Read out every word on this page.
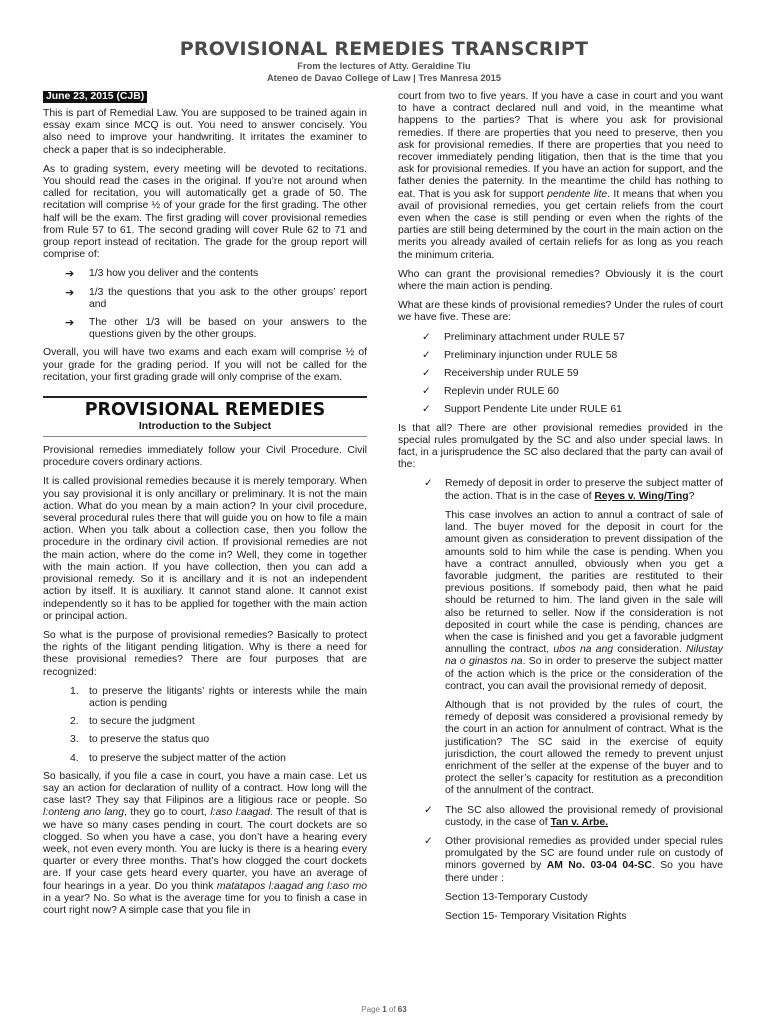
PROVISIONAL REMEDIES TRANSCRIPT
From the lectures of Atty. Geraldine Tiu
Ateneo de Davao College of Law | Tres Manresa 2015
June 23, 2015 (CJB)

This is part of Remedial Law. You are supposed to be trained again in essay exam since MCQ is out. You need to answer concisely. You also need to improve your handwriting. It irritates the examiner to check a paper that is so indecipherable.

As to grading system, every meeting will be devoted to recitations. You should read the cases in the original. If you’re not around when called for recitation, you will automatically get a grade of 50. The recitation will comprise ½ of your grade for the first grading. The other half will be the exam. The first grading will cover provisional remedies from Rule 57 to 61. The second grading will cover Rule 62 to 71 and group report instead of recitation. The grade for the group report will comprise of:

➔ 1/3 how you deliver and the contents
➔ 1/3 the questions that you ask to the other groups’ report and
➔ The other 1/3 will be based on your answers to the questions given by the other groups.

Overall, you will have two exams and each exam will comprise ½ of your grade for the grading period. If you will not be called for the recitation, your first grading grade will only comprise of the exam.

PROVISIONAL REMEDIES
Introduction to the Subject

Provisional remedies immediately follow your Civil Procedure. Civil procedure covers ordinary actions.

It is called provisional remedies because it is merely temporary. When you say provisional it is only ancillary or preliminary. It is not the main action. What do you mean by a main action? In your civil procedure, several procedural rules there that will guide you on how to file a main action. When you talk about a collection case, then you follow the procedure in the ordinary civil action. If provisional remedies are not the main action, where do the come in? Well, they come in together with the main action. If you have collection, then you can add a provisional remedy. So it is ancillary and it is not an independent action by itself. It is auxiliary. It cannot stand alone. It cannot exist independently so it has to be applied for together with the main action or principal action.

So what is the purpose of provisional remedies? Basically to protect the rights of the litigant pending litigation. Why is there a need for these provisional remedies? There are four purposes that are recognized:

1. to preserve the litigants’ rights or interests while the main action is pending
2. to secure the judgment
3. to preserve the status quo
4. to preserve the subject matter of the action

So basically, if you file a case in court, you have a main case. Let us say an action for declaration of nullity of a contract. How long will the case last? They say that Filipinos are a litigious race or people. So l:onteng ano lang, they go to court, l:aso l:aagad. The result of that is we have so many cases pending in court. The court dockets are so clogged. So when you have a case, you don’t have a hearing every week, not even every month. You are lucky is there is a hearing every quarter or every three months. That’s how clogged the court dockets are. If your case gets heard every quarter, you have an average of four hearings in a year. Do you think matatapos l:aagad ang l:aso mo in a year? No. So what is the average time for you to finish a case in court right now? A simple case that you file in

court from two to five years. If you have a case in court and you want to have a contract declared null and void, in the meantime what happens to the parties? That is where you ask for provisional remedies. If there are properties that you need to preserve, then you ask for provisional remedies. If there are properties that you need to recover immediately pending litigation, then that is the time that you ask for provisional remedies. If you have an action for support, and the father denies the paternity. In the meantime the child has nothing to eat. That is you ask for support pendente lite. It means that when you avail of provisional remedies, you get certain reliefs from the court even when the case is still pending or even when the rights of the parties are still being determined by the court in the main action on the merits you already availed of certain reliefs for as long as you reach the minimum criteria.

Who can grant the provisional remedies? Obviously it is the court where the main action is pending.

What are these kinds of provisional remedies? Under the rules of court we have five. These are:

✓ Preliminary attachment under RULE 57
✓ Preliminary injunction under RULE 58
✓ Receivership under RULE 59
✓ Replevin under RULE 60
✓ Support Pendente Lite under RULE 61

Is that all? There are other provisional remedies provided in the special rules promulgated by the SC and also under special laws. In fact, in a jurisprudence the SC also declared that the party can avail of the:

✓ Remedy of deposit in order to preserve the subject matter of the action. That is in the case of Reyes v. Wing/Ting?

This case involves an action to annul a contract of sale of land. The buyer moved for the deposit in court for the amount given as consideration to prevent dissipation of the amounts sold to him while the case is pending. When you have a contract annulled, obviously when you get a favorable judgment, the parities are restituted to their previous positions. If somebody paid, then what he paid should be returned to him. The land given in the sale will also be returned to seller. Now if the consideration is not deposited in court while the case is pending, chances are when the case is finished and you get a favorable judgment annulling the contract, ubos na ang consideration. Nilustay na o ginastos na. So in order to preserve the subject matter of the action which is the price or the consideration of the contract, you can avail the provisional remedy of deposit.

Although that is not provided by the rules of court, the remedy of deposit was considered a provisional remedy by the court in an action for annulment of contract. What is the justification? The SC said in the exercise of equity jurisdiction, the court allowed the remedy to prevent unjust enrichment of the seller at the expense of the buyer and to protect the seller’s capacity for restitution as a precondition of the annulment of the contract.

✓ The SC also allowed the provisional remedy of provisional custody, in the case of Tan v. Arbe.

✓ Other provisional remedies as provided under special rules promulgated by the SC are found under rule on custody of minors governed by AM No. 03-04 04-SC. So you have there under :

Section 13-Temporary Custody

Section 15- Temporary Visitation Rights

Page 1 of 63
